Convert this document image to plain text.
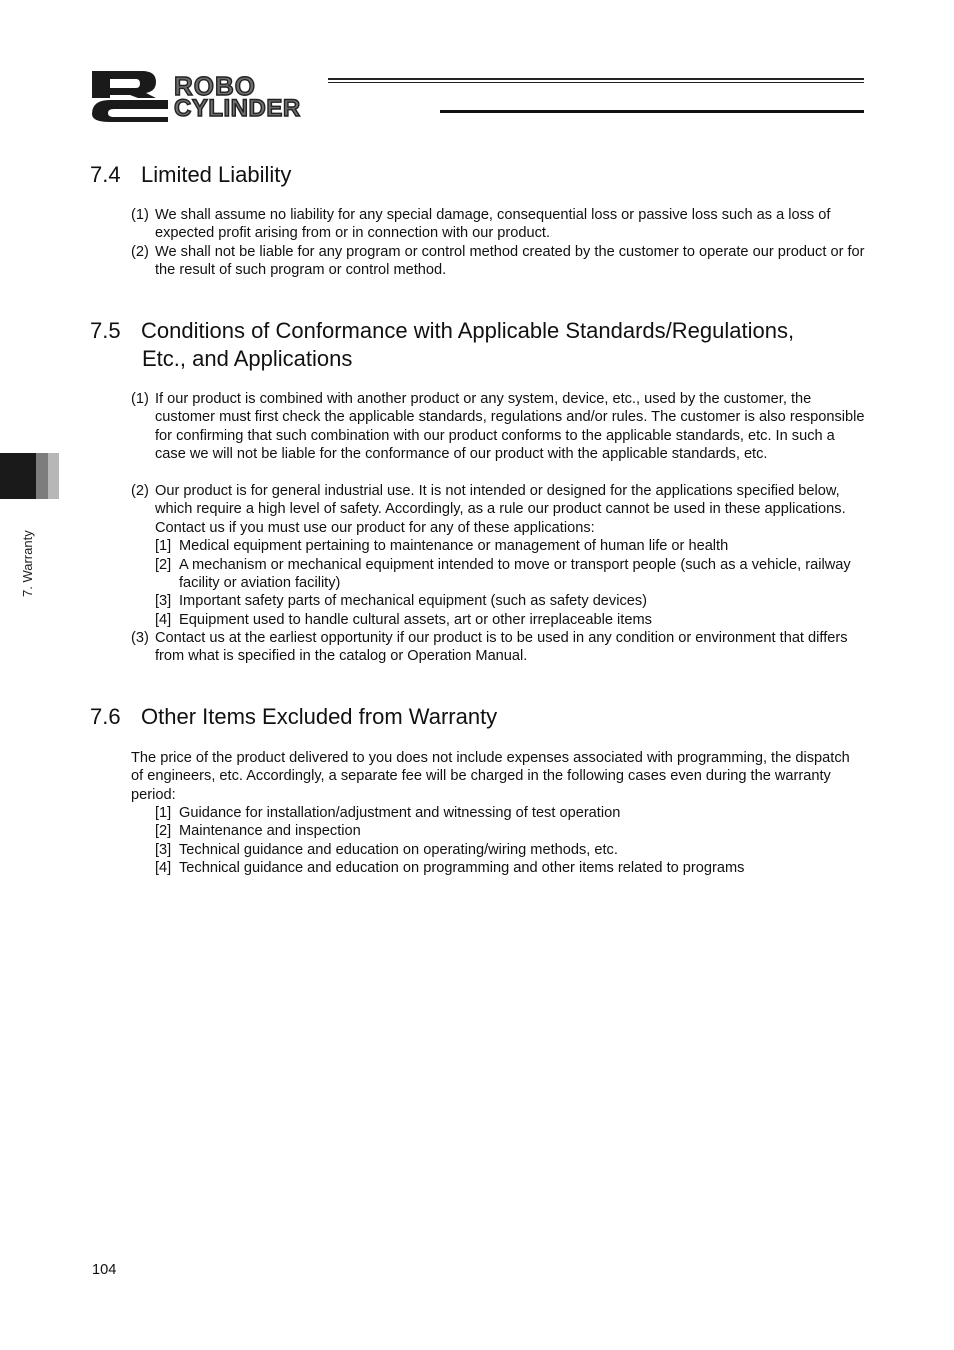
ROBO
CYLINDER
7. Warranty
7.4 Limited Liability
(1) We shall assume no liability for any special damage, consequential loss or passive loss such as a loss of expected profit arising from or in connection with our product.
(2) We shall not be liable for any program or control method created by the customer to operate our product or for the result of such program or control method.
7.5 Conditions of Conformance with Applicable Standards/Regulations,
Etc., and Applications
(1) If our product is combined with another product or any system, device, etc., used by the customer, the customer must first check the applicable standards, regulations and/or rules. The customer is also responsible for confirming that such combination with our product conforms to the applicable standards, etc. In such a case we will not be liable for the conformance of our product with the applicable standards, etc.
(2) Our product is for general industrial use. It is not intended or designed for the applications specified below, which require a high level of safety. Accordingly, as a rule our product cannot be used in these applications. Contact us if you must use our product for any of these applications:
[1] Medical equipment pertaining to maintenance or management of human life or health
[2] A mechanism or mechanical equipment intended to move or transport people (such as a vehicle, railway facility or aviation facility)
[3] Important safety parts of mechanical equipment (such as safety devices)
[4] Equipment used to handle cultural assets, art or other irreplaceable items
(3) Contact us at the earliest opportunity if our product is to be used in any condition or environment that differs from what is specified in the catalog or Operation Manual.
7.6 Other Items Excluded from Warranty
The price of the product delivered to you does not include expenses associated with programming, the dispatch of engineers, etc. Accordingly, a separate fee will be charged in the following cases even during the warranty period:
[1] Guidance for installation/adjustment and witnessing of test operation
[2] Maintenance and inspection
[3] Technical guidance and education on operating/wiring methods, etc.
[4] Technical guidance and education on programming and other items related to programs
104
